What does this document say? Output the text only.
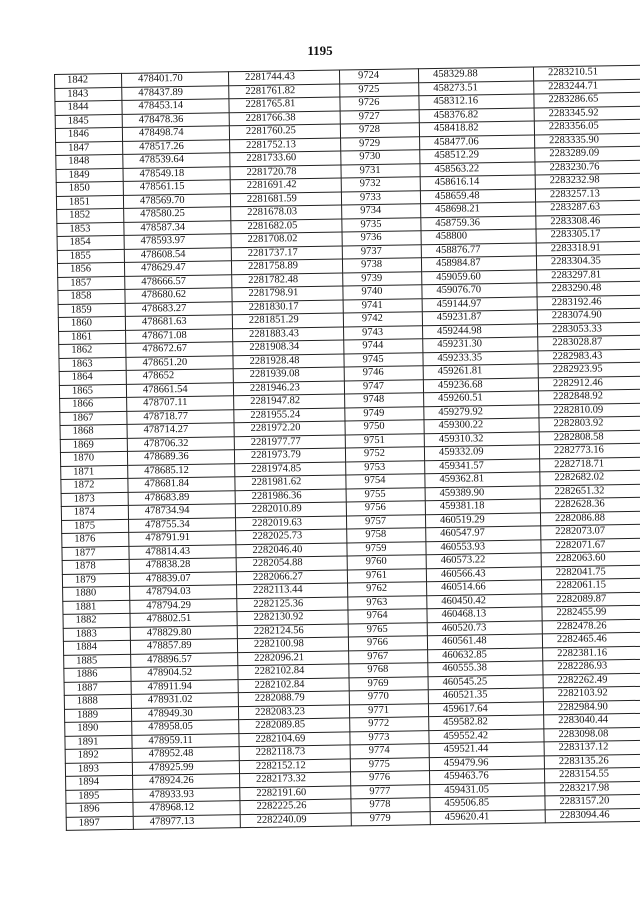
1195
1842	478401.70	2281744.43	9724	458329.88	2283210.51
1843	478437.89	2281761.82	9725	458273.51	2283244.71
1844	478453.14	2281765.81	9726	458312.16	2283286.65
1845	478478.36	2281766.38	9727	458376.82	2283345.92
1846	478498.74	2281760.25	9728	458418.82	2283356.05
1847	478517.26	2281752.13	9729	458477.06	2283335.90
1848	478539.64	2281733.60	9730	458512.29	2283289.09
1849	478549.18	2281720.78	9731	458563.22	2283230.76
1850	478561.15	2281691.42	9732	458616.14	2283232.98
1851	478569.70	2281681.59	9733	458659.48	2283257.13
1852	478580.25	2281678.03	9734	458698.21	2283287.63
1853	478587.34	2281682.05	9735	458759.36	2283308.46
1854	478593.97	2281708.02	9736	458800	2283305.17
1855	478608.54	2281737.17	9737	458876.77	2283318.91
1856	478629.47	2281758.89	9738	458984.87	2283304.35
1857	478666.57	2281782.48	9739	459059.60	2283297.81
1858	478680.62	2281798.91	9740	459076.70	2283290.48
1859	478683.27	2281830.17	9741	459144.97	2283192.46
1860	478681.63	2281851.29	9742	459231.87	2283074.90
1861	478671.08	2281883.43	9743	459244.98	2283053.33
1862	478672.67	2281908.34	9744	459231.30	2283028.87
1863	478651.20	2281928.48	9745	459233.35	2282983.43
1864	478652	2281939.08	9746	459261.81	2282923.95
1865	478661.54	2281946.23	9747	459236.68	2282912.46
1866	478707.11	2281947.82	9748	459260.51	2282848.92
1867	478718.77	2281955.24	9749	459279.92	2282810.09
1868	478714.27	2281972.20	9750	459300.22	2282803.92
1869	478706.32	2281977.77	9751	459310.32	2282808.58
1870	478689.36	2281973.79	9752	459332.09	2282773.16
1871	478685.12	2281974.85	9753	459341.57	2282718.71
1872	478681.84	2281981.62	9754	459362.81	2282682.02
1873	478683.89	2281986.36	9755	459389.90	2282651.32
1874	478734.94	2282010.89	9756	459381.18	2282628.36
1875	478755.34	2282019.63	9757	460519.29	2282086.88
1876	478791.91	2282025.73	9758	460547.97	2282073.07
1877	478814.43	2282046.40	9759	460553.93	2282071.67
1878	478838.28	2282054.88	9760	460573.22	2282063.60
1879	478839.07	2282066.27	9761	460566.43	2282041.75
1880	478794.03	2282113.44	9762	460514.66	2282061.15
1881	478794.29	2282125.36	9763	460450.42	2282089.87
1882	478802.51	2282130.92	9764	460468.13	2282455.99
1883	478829.80	2282124.56	9765	460520.73	2282478.26
1884	478857.89	2282100.98	9766	460561.48	2282465.46
1885	478896.57	2282096.21	9767	460632.85	2282381.16
1886	478904.52	2282102.84	9768	460555.38	2282286.93
1887	478911.94	2282102.84	9769	460545.25	2282262.49
1888	478931.02	2282088.79	9770	460521.35	2282103.92
1889	478949.30	2282083.23	9771	459617.64	2282984.90
1890	478958.05	2282089.85	9772	459582.82	2283040.44
1891	478959.11	2282104.69	9773	459552.42	2283098.08
1892	478952.48	2282118.73	9774	459521.44	2283137.12
1893	478925.99	2282152.12	9775	459479.96	2283135.26
1894	478924.26	2282173.32	9776	459463.76	2283154.55
1895	478933.93	2282191.60	9777	459431.05	2283217.98
1896	478968.12	2282225.26	9778	459506.85	2283157.20
1897	478977.13	2282240.09	9779	459620.41	2283094.46
